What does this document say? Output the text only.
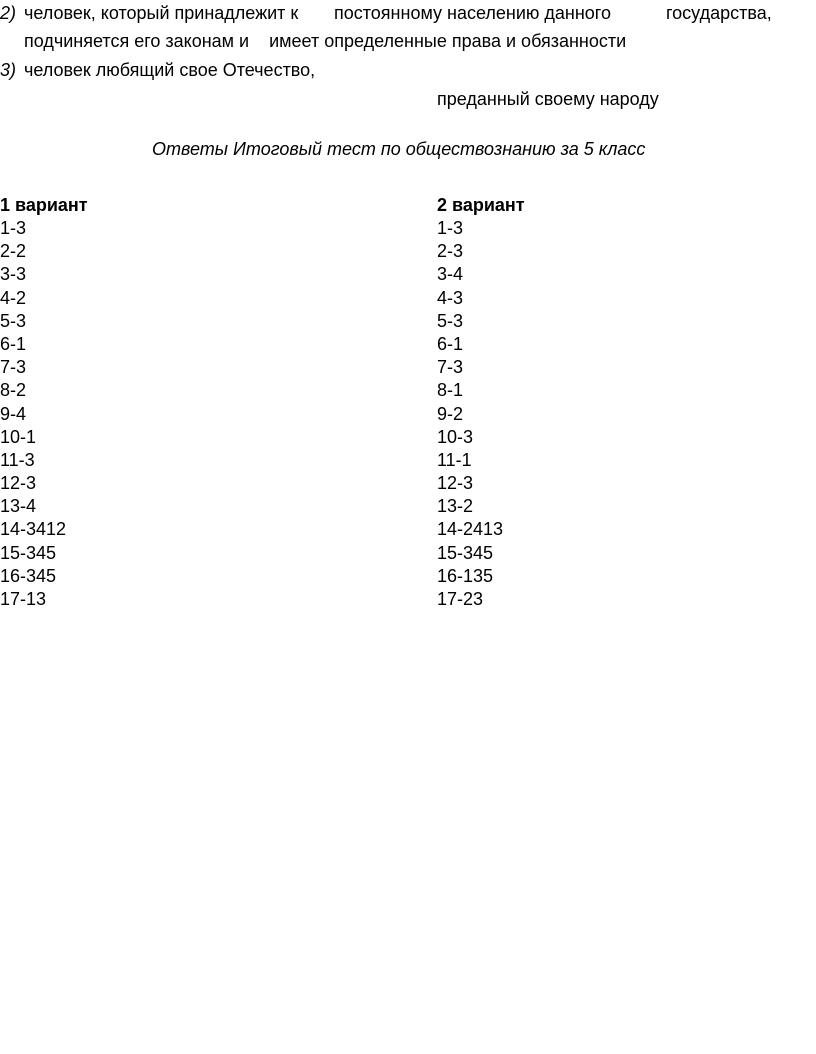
2) человек, который принадлежит к постоянному населению данного	государства,
подчиняется его законам и    имеет определенные права и обязанности
3) человек любящий свое Отечество,
преданный своему народу
Ответы Итоговый тест по обществознанию за 5 класс
1 вариант	2 вариант
1-3
2-2
3-3
4-2
5-3
6-1
7-3
8-2
9-4
10-1
11-3
12-3
13-4
14-3412
15-345
16-345
17-13
1-3
2-3
3-4
4-3
5-3
6-1
7-3
8-1
9-2
10-3
11-1
12-3
13-2
14-2413
15-345
16-135
17-23
